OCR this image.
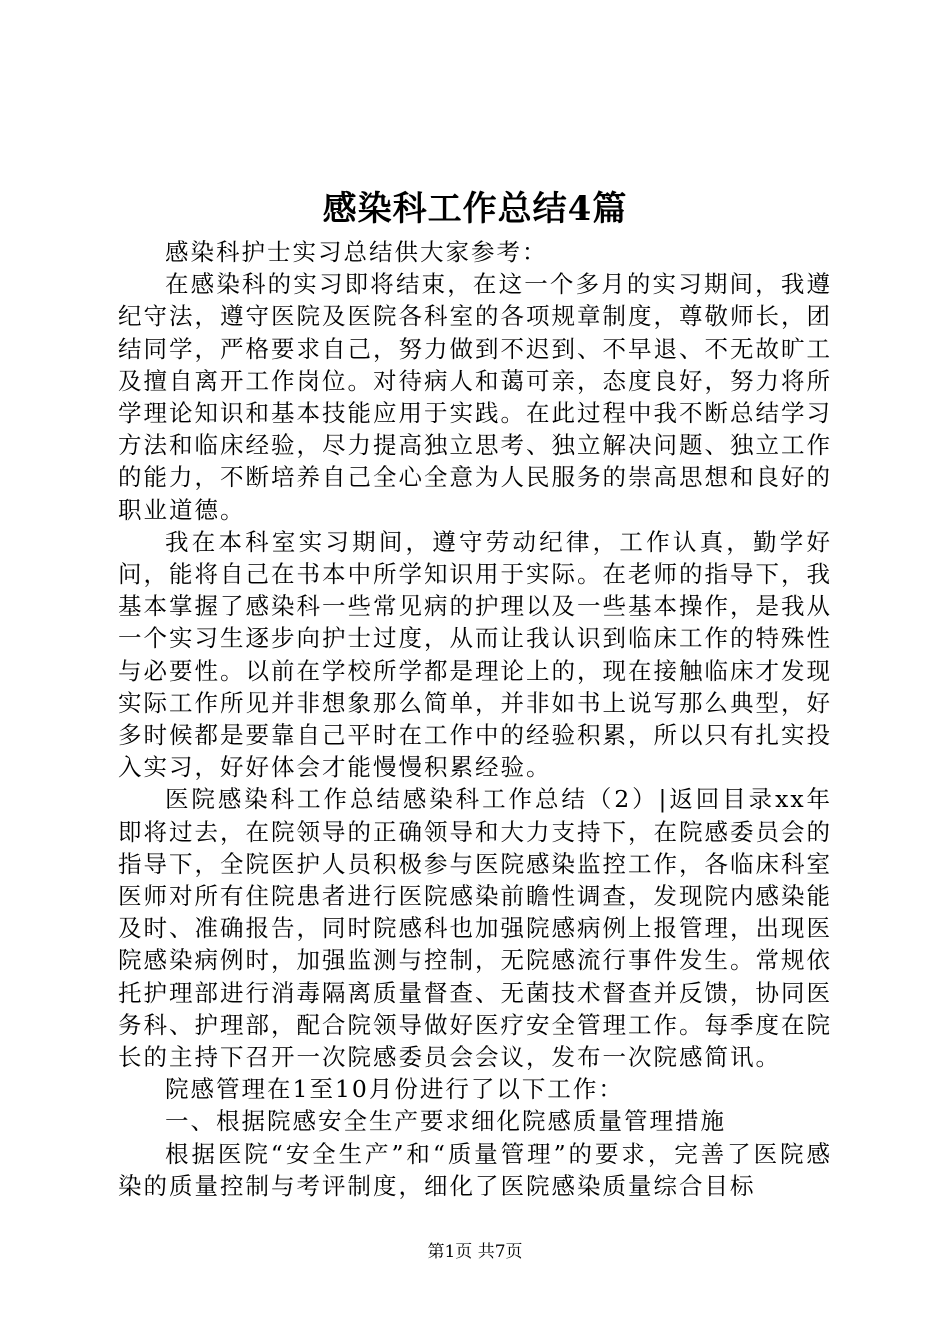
感染科工作总结4篇

感染科护士实习总结供大家参考：

在感染科的实习即将结束，在这一个多月的实习期间，我遵纪守法，遵守医院及医院各科室的各项规章制度，尊敬师长，团结同学，严格要求自己，努力做到不迟到、不早退、不无故旷工及擅自离开工作岗位。对待病人和蔼可亲，态度良好，努力将所学理论知识和基本技能应用于实践。在此过程中我不断总结学习方法和临床经验，尽力提高独立思考、独立解决问题、独立工作的能力，不断培养自己全心全意为人民服务的崇高思想和良好的职业道德。

我在本科室实习期间，遵守劳动纪律，工作认真，勤学好问，能将自己在书本中所学知识用于实际。在老师的指导下，我基本掌握了感染科一些常见病的护理以及一些基本操作，是我从一个实习生逐步向护士过度，从而让我认识到临床工作的特殊性与必要性。以前在学校所学都是理论上的，现在接触临床才发现实际工作所见并非想象那么简单，并非如书上说写那么典型，好多时候都是要靠自己平时在工作中的经验积累，所以只有扎实投入实习，好好体会才能慢慢积累经验。

医院感染科工作总结感染科工作总结（2）|返回目录xx年即将过去，在院领导的正确领导和大力支持下，在院感委员会的指导下，全院医护人员积极参与医院感染监控工作，各临床科室医师对所有住院患者进行医院感染前瞻性调查，发现院内感染能及时、准确报告，同时院感科也加强院感病例上报管理，出现医院感染病例时，加强监测与控制，无院感流行事件发生。常规依托护理部进行消毒隔离质量督查、无菌技术督查并反馈，协同医务科、护理部，配合院领导做好医疗安全管理工作。每季度在院长的主持下召开一次院感委员会会议，发布一次院感简讯。

院感管理在1至10月份进行了以下工作：

一、根据院感安全生产要求细化院感质量管理措施

根据医院“安全生产”和“质量管理”的要求，完善了医院感染的质量控制与考评制度，细化了医院感染质量综合目标

第1页 共7页
